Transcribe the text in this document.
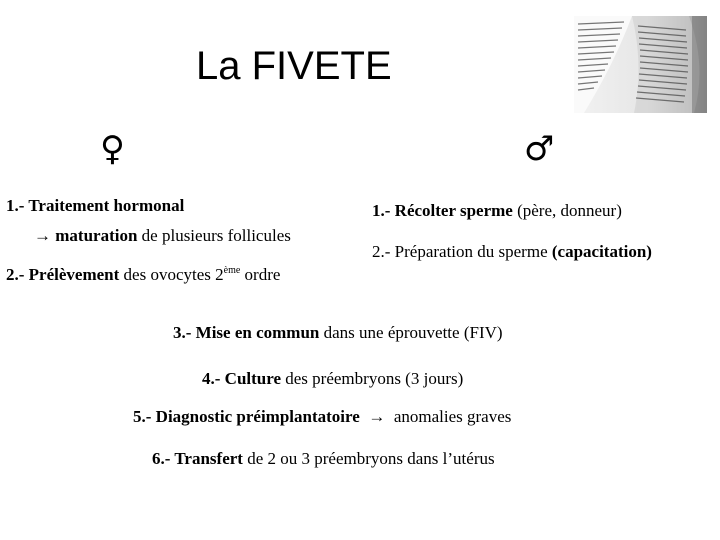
La FIVETE
♀	♂
1.- Traitement hormonal
→ maturation de plusieurs follicules
2.- Prélèvement des ovocytes 2ème ordre
1.- Récolter sperme (père, donneur)
2.- Préparation du sperme (capacitation)
3.- Mise en commun dans une éprouvette (FIV)
4.- Culture des préembryons (3 jours)
5.- Diagnostic préimplantatoire  →  anomalies graves
6.- Transfert de 2 ou 3 préembryons dans l’utérus
